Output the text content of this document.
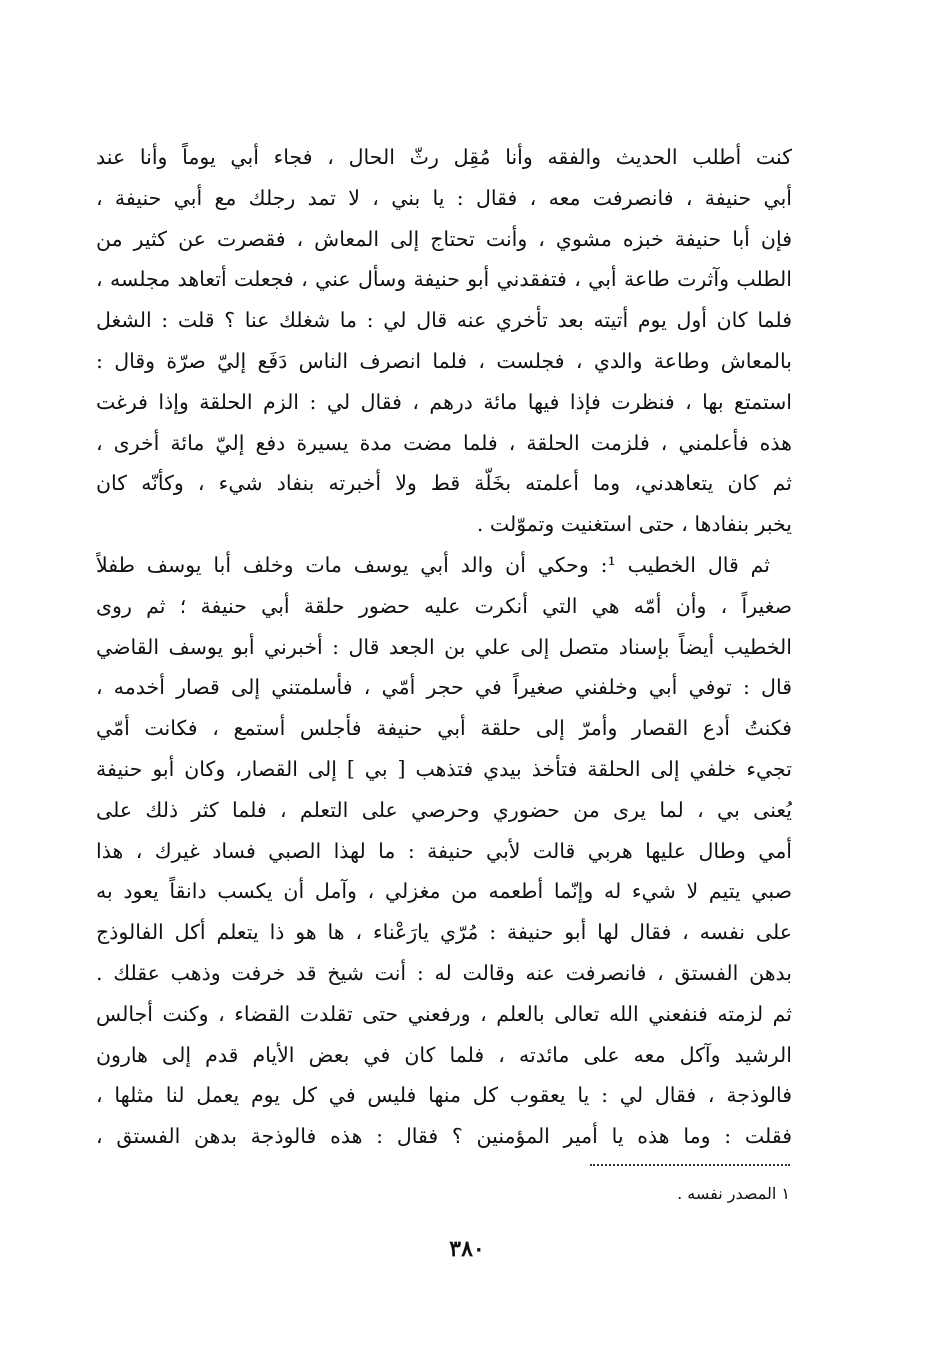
كنت أطلب الحديث والفقه وأنا مُقِل رثّ الحال ، فجاء أبي يوماً وأنا عند
أبي حنيفة ، فانصرفت معه ، فقال : يا بني ، لا تمد رجلك مع أبي حنيفة ،
فإن أبا حنيفة خبزه مشوي ، وأنت تحتاج إلى المعاش ، فقصرت عن كثير من
الطلب وآثرت طاعة أبي ، فتفقدني أبو حنيفة وسأل عني ، فجعلت أتعاهد مجلسه ،
فلما كان أول يوم أتيته بعد تأخري عنه قال لي : ما شغلك عنا ؟ قلت : الشغل
بالمعاش وطاعة والدي ، فجلست ، فلما انصرف الناس دَفَع إليّ صرّة وقال :
استمتع بها ، فنظرت فإذا فيها مائة درهم ، فقال لي : الزم الحلقة وإذا فرغت
هذه فأعلمني ، فلزمت الحلقة ، فلما مضت مدة يسيرة دفع إليّ مائة أخرى ،
ثم كان يتعاهدني، وما أعلمته بخَلّة قط ولا أخبرته بنفاد شيء ، وكأنّه كان
يخبر بنفادها ، حتى استغنيت وتموّلت .
ثم قال الخطيب ¹: وحكي أن والد أبي يوسف مات وخلف أبا يوسف طفلاً
صغيراً ، وأن أمّه هي التي أنكرت عليه حضور حلقة أبي حنيفة ؛ ثم روى
الخطيب أيضاً بإسناد متصل إلى علي بن الجعد قال : أخبرني أبو يوسف القاضي
قال : توفي أبي وخلفني صغيراً في حجر أمّي ، فأسلمتني إلى قصار أخدمه ،
فكنتُ أدع القصار وأمرّ إلى حلقة أبي حنيفة فأجلس أستمع ، فكانت أمّي
تجيء خلفي إلى الحلقة فتأخذ بيدي فتذهب [ بي ] إلى القصار، وكان أبو حنيفة
يُعنى بي ، لما يرى من حضوري وحرصي على التعلم ، فلما كثر ذلك على
أمي وطال عليها هربي قالت لأبي حنيفة : ما لهذا الصبي فساد غيرك ، هذا
صبي يتيم لا شيء له وإنّما أطعمه من مغزلي ، وآمل أن يكسب دانقاً يعود به
على نفسه ، فقال لها أبو حنيفة : مُرّي يارَعْناء ، ها هو ذا يتعلم أكل الفالوذج
بدهن الفستق ، فانصرفت عنه وقالت له : أنت شيخ قد خرفت وذهب عقلك .
ثم لزمته فنفعني الله تعالى بالعلم ، ورفعني حتى تقلدت القضاء ، وكنت أجالس
الرشيد وآكل معه على مائدته ، فلما كان في بعض الأيام قدم إلى هارون
فالوذجة ، فقال لي : يا يعقوب كل منها فليس في كل يوم يعمل لنا مثلها ،
فقلت : وما هذه يا أمير المؤمنين ؟ فقال : هذه فالوذجة بدهن الفستق ،
١ المصدر نفسه .
٣٨٠
